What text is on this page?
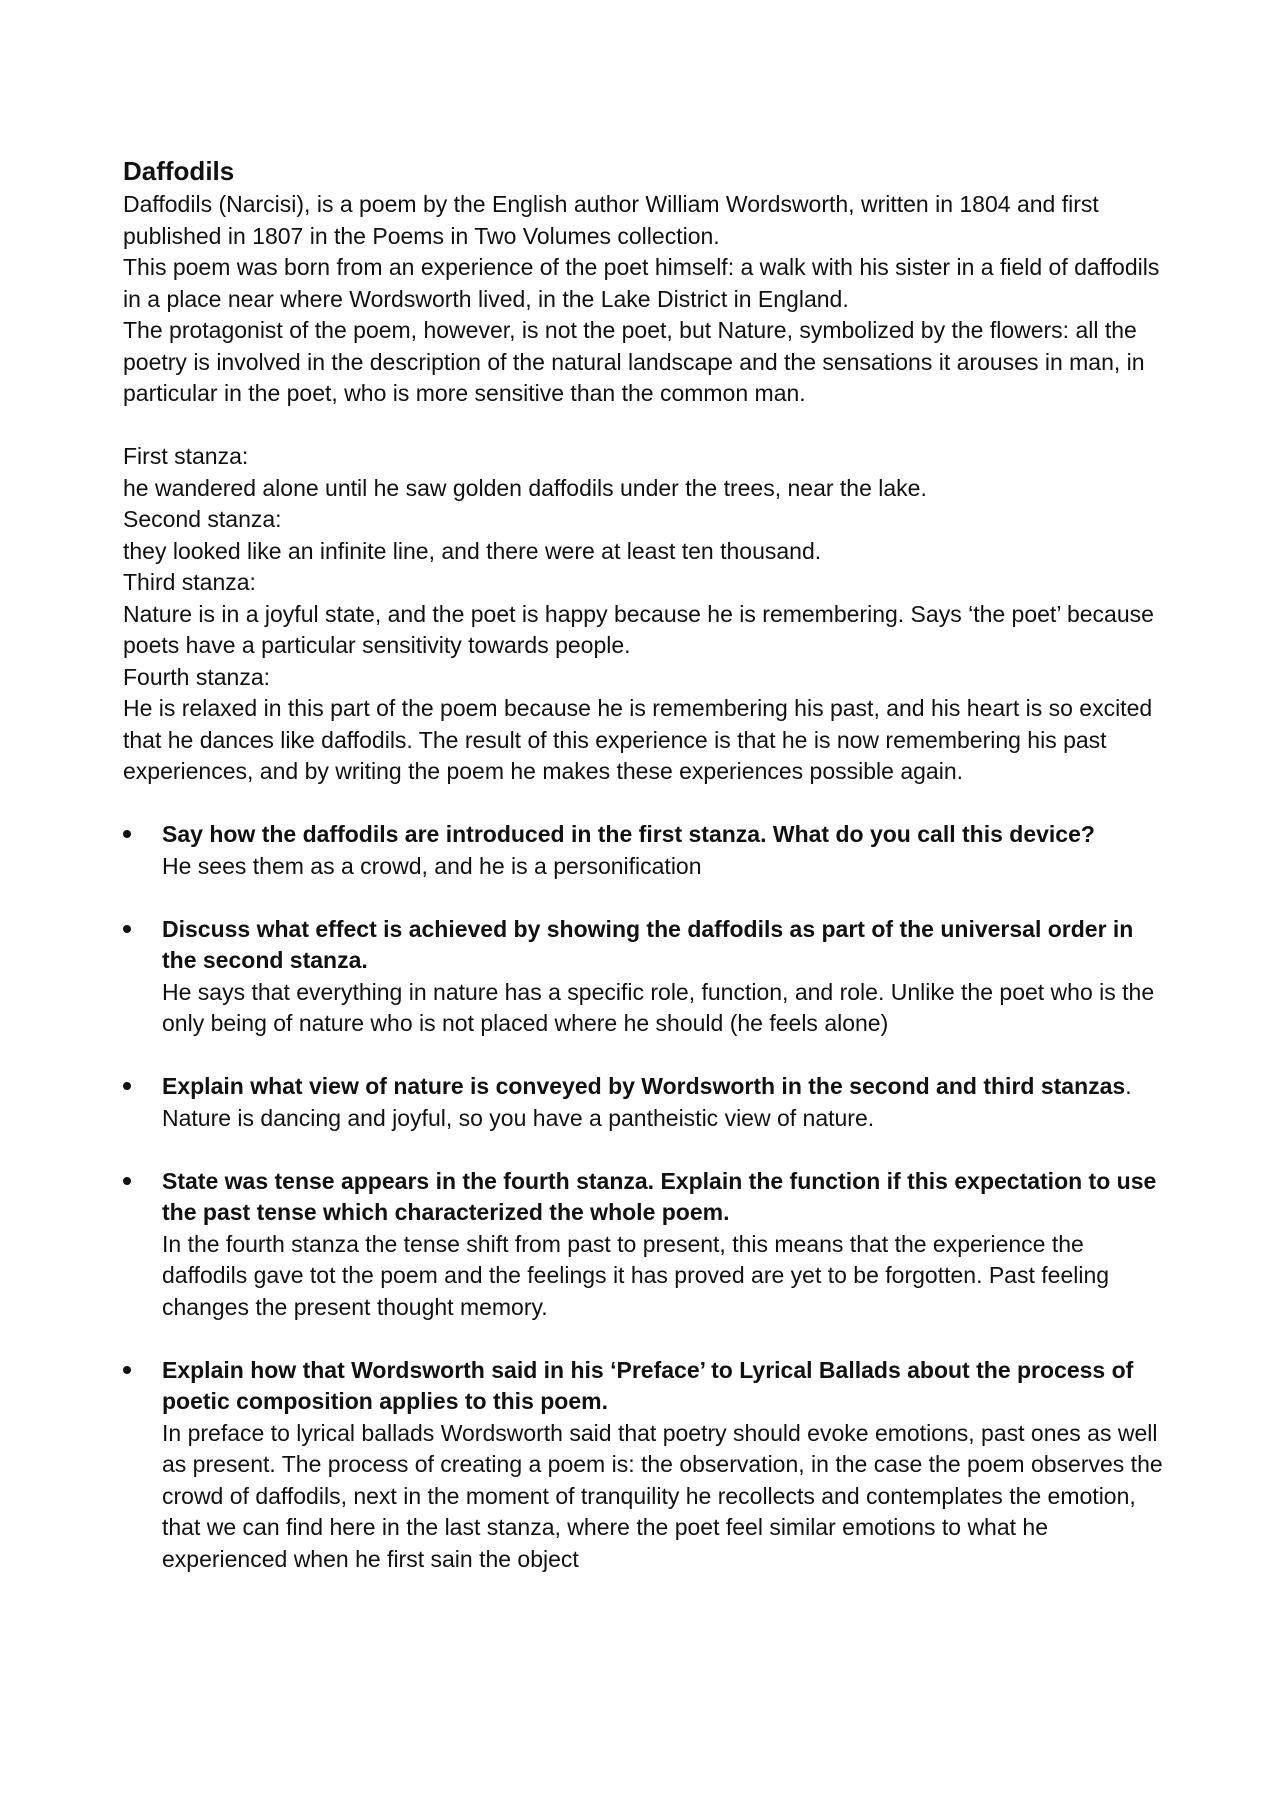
Daffodils

Daffodils (Narcisi), is a poem by the English author William Wordsworth, written in 1804 and first published in 1807 in the Poems in Two Volumes collection.

This poem was born from an experience of the poet himself: a walk with his sister in a field of daffodils in a place near where Wordsworth lived, in the Lake District in England.

The protagonist of the poem, however, is not the poet, but Nature, symbolized by the flowers: all the poetry is involved in the description of the natural landscape and the sensations it arouses in man, in particular in the poet, who is more sensitive than the common man.

First stanza:

he wandered alone until he saw golden daffodils under the trees, near the lake.

Second stanza:

they looked like an infinite line, and there were at least ten thousand.

Third stanza:

Nature is in a joyful state, and the poet is happy because he is remembering. Says ‘the poet’ because poets have a particular sensitivity towards people.

Fourth stanza:

He is relaxed in this part of the poem because he is remembering his past, and his heart is so excited that he dances like daffodils. The result of this experience is that he is now remembering his past experiences, and by writing the poem he makes these experiences possible again.

Say how the daffodils are introduced in the first stanza. What do you call this device?

He sees them as a crowd, and he is a personification

Discuss what effect is achieved by showing the daffodils as part of the universal order in the second stanza.

He says that everything in nature has a specific role, function, and role. Unlike the poet who is the only being of nature who is not placed where he should (he feels alone)

Explain what view of nature is conveyed by Wordsworth in the second and third stanzas.

Nature is dancing and joyful, so you have a pantheistic view of nature.

State was tense appears in the fourth stanza. Explain the function if this expectation to use the past tense which characterized the whole poem.

In the fourth stanza the tense shift from past to present, this means that the experience the daffodils gave tot the poem and the feelings it has proved are yet to be forgotten. Past feeling changes the present thought memory.

Explain how that Wordsworth said in his ‘Preface’ to Lyrical Ballads about the process of poetic composition applies to this poem.

In preface to lyrical ballads Wordsworth said that poetry should evoke emotions, past ones as well as present. The process of creating a poem is: the observation, in the case the poem observes the crowd of daffodils, next in the moment of tranquility he recollects and contemplates the emotion, that we can find here in the last stanza, where the poet feel similar emotions to what he experienced when he first sain the object
